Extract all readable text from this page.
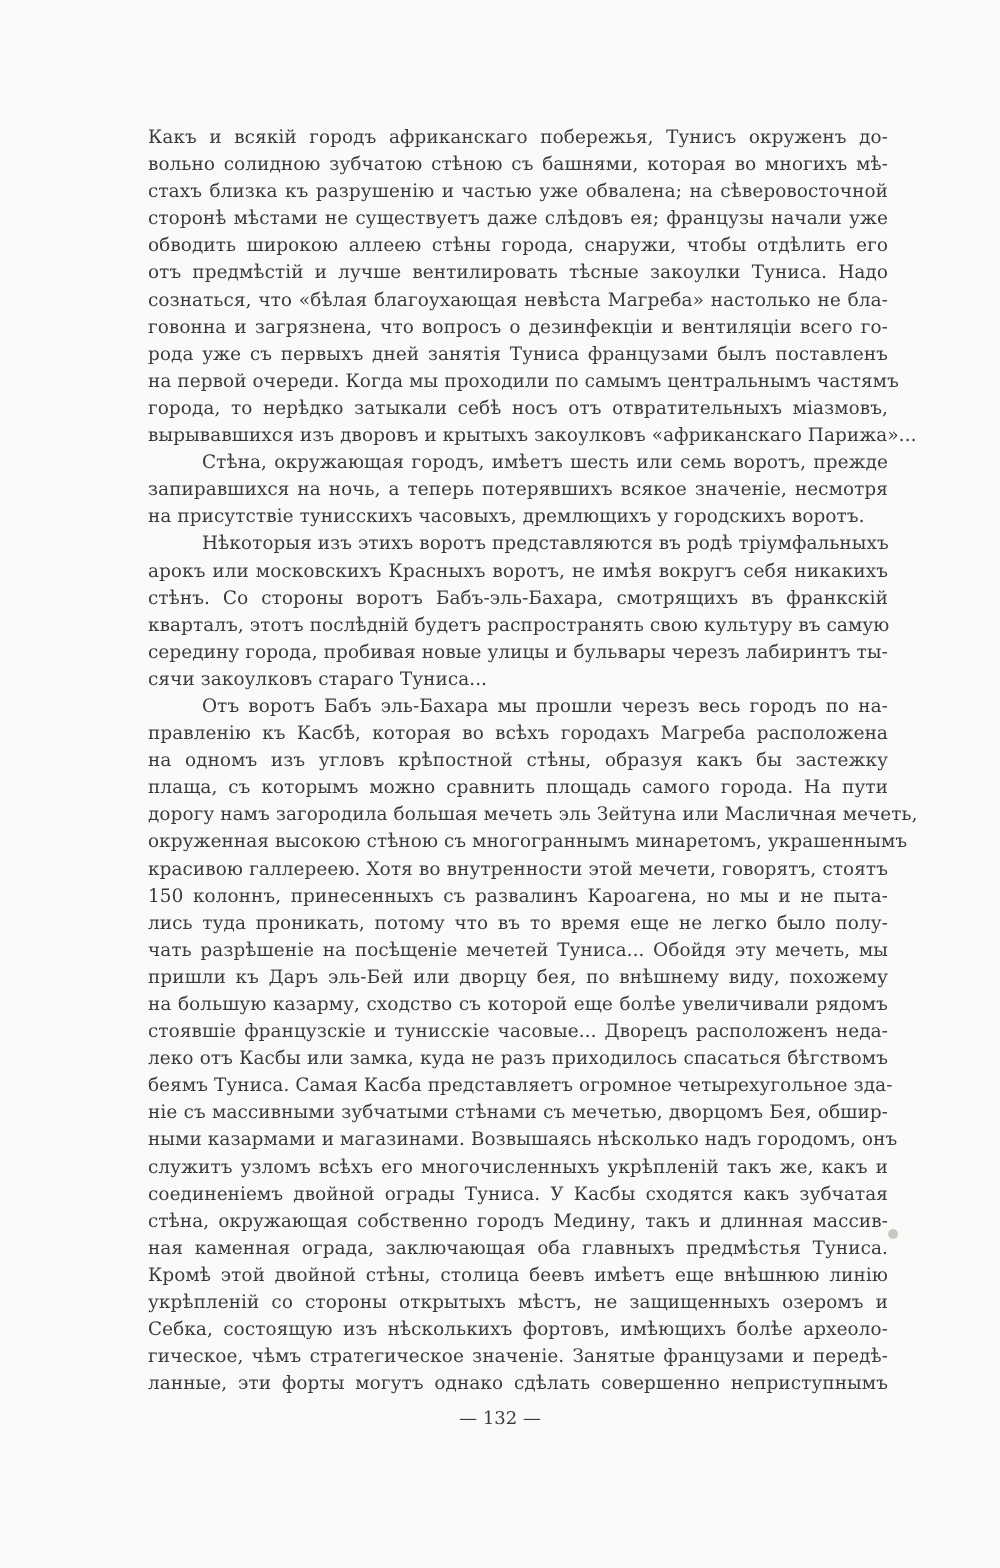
Какъ и всякій городъ африканскаго побережья, Тунисъ окруженъ до-
вольно солидною зубчатою стѣною съ башнями, которая во многихъ мѣ-
стахъ близка къ разрушенію и частью уже обвалена; на сѣверовосточной
сторонѣ мѣстами не существуетъ даже слѣдовъ ея; французы начали уже
обводить широкою аллеею стѣны города, снаружи, чтобы отдѣлить его
отъ предмѣстій и лучше вентилировать тѣсные закоулки Туниса. Надо
сознаться, что «бѣлая благоухающая невѣста Магреба» настолько не бла-
говонна и загрязнена, что вопросъ о дезинфекціи и вентиляціи всего го-
рода уже съ первыхъ дней занятія Туниса французами былъ поставленъ
на первой очереди. Когда мы проходили по самымъ центральнымъ частямъ
города, то нерѣдко затыкали себѣ носъ отъ отвратительныхъ міазмовъ,
вырывавшихся изъ дворовъ и крытыхъ закоулковъ «африканскаго Парижа»...
Стѣна, окружающая городъ, имѣетъ шесть или семь воротъ, прежде
запиравшихся на ночь, а теперь потерявшихъ всякое значеніе, несмотря
на присутствіе тунисскихъ часовыхъ, дремлющихъ у городскихъ воротъ.
Нѣкоторыя изъ этихъ воротъ представляются въ родѣ тріумфальныхъ
арокъ или московскихъ Красныхъ воротъ, не имѣя вокругъ себя никакихъ
стѣнъ. Со стороны воротъ Бабъ-эль-Бахара, смотрящихъ въ франкскій
кварталъ, этотъ послѣдній будетъ распространять свою культуру въ самую
середину города, пробивая новые улицы и бульвары черезъ лабиринтъ ты-
сячи закоулковъ стараго Туниса...
Отъ воротъ Бабъ эль-Бахара мы прошли черезъ весь городъ по на-
правленію къ Касбѣ, которая во всѣхъ городахъ Магреба расположена
на одномъ изъ угловъ крѣпостной стѣны, образуя какъ бы застежку
плаща, съ которымъ можно сравнить площадь самого города. На пути
дорогу намъ загородила большая мечеть эль Зейтуна или Масличная мечеть,
окруженная высокою стѣною съ многограннымъ минаретомъ, украшеннымъ
красивою галлереею. Хотя во внутренности этой мечети, говорятъ, стоятъ
150 колоннъ, принесенныхъ съ развалинъ Кароагена, но мы и не пыта-
лись туда проникать, потому что въ то время еще не легко было полу-
чать разрѣшеніе на посѣщеніе мечетей Туниса... Обойдя эту мечеть, мы
пришли къ Даръ эль-Бей или дворцу бея, по внѣшнему виду, похожему
на большую казарму, сходство съ которой еще болѣе увеличивали рядомъ
стоявшіе французскіе и тунисскіе часовые... Дворецъ расположенъ неда-
леко отъ Касбы или замка, куда не разъ приходилось спасаться бѣгствомъ
беямъ Туниса. Самая Касба представляетъ огромное четырехугольное зда-
ніе съ массивными зубчатыми стѣнами съ мечетью, дворцомъ Бея, обшир-
ными казармами и магазинами. Возвышаясь нѣсколько надъ городомъ, онъ
служитъ узломъ всѣхъ его многочисленныхъ укрѣпленій такъ же, какъ и
соединеніемъ двойной ограды Туниса. У Касбы сходятся какъ зубчатая
стѣна, окружающая собственно городъ Медину, такъ и длинная массив-
ная каменная ограда, заключающая оба главныхъ предмѣстья Туниса.
Кромѣ этой двойной стѣны, столица беевъ имѣетъ еще внѣшнюю линію
укрѣпленій со стороны открытыхъ мѣстъ, не защищенныхъ озеромъ и
Себка, состоящую изъ нѣсколькихъ фортовъ, имѣющихъ болѣе археоло-
гическое, чѣмъ стратегическое значеніе. Занятые французами и передѣ-
ланные, эти форты могутъ однако сдѣлать совершенно неприступнымъ
— 132 —
